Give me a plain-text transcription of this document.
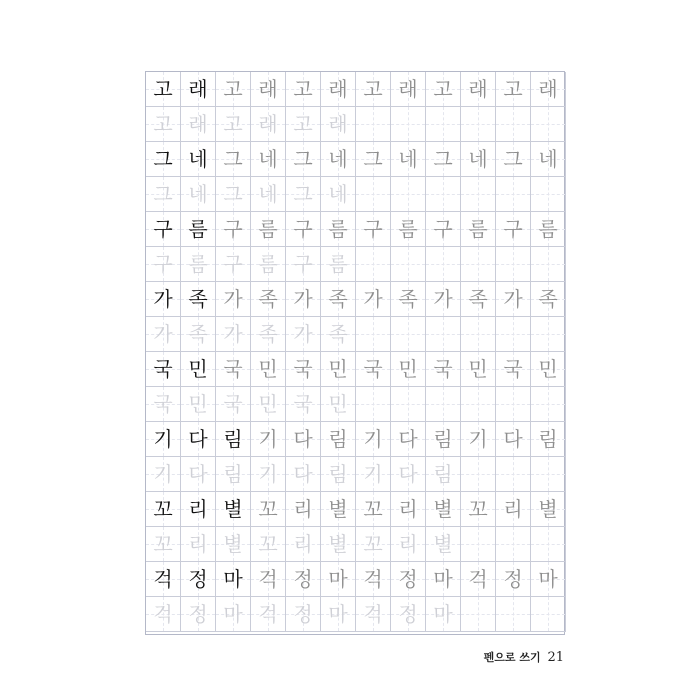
고 래 고 래 고 래 고 래 고 래 고 래
고 래 고 래 고 래
그 네 그 네 그 네 그 네 그 네 그 네
그 네 그 네 그 네
구 름 구 름 구 름 구 름 구 름 구 름
구 름 구 름 구 름
가 족 가 족 가 족 가 족 가 족 가 족
가 족 가 족 가 족
국 민 국 민 국 민 국 민 국 민 국 민
국 민 국 민 국 민
기 다 림 기 다 림 기 다 림 기 다 림
기 다 림 기 다 림 기 다 림
꼬 리 별 꼬 리 별 꼬 리 별 꼬 리 별
꼬 리 별 꼬 리 별 꼬 리 별
걱 정 마 걱 정 마 걱 정 마 걱 정 마
걱 정 마 걱 정 마 걱 정 마
펜으로 쓰기 21
